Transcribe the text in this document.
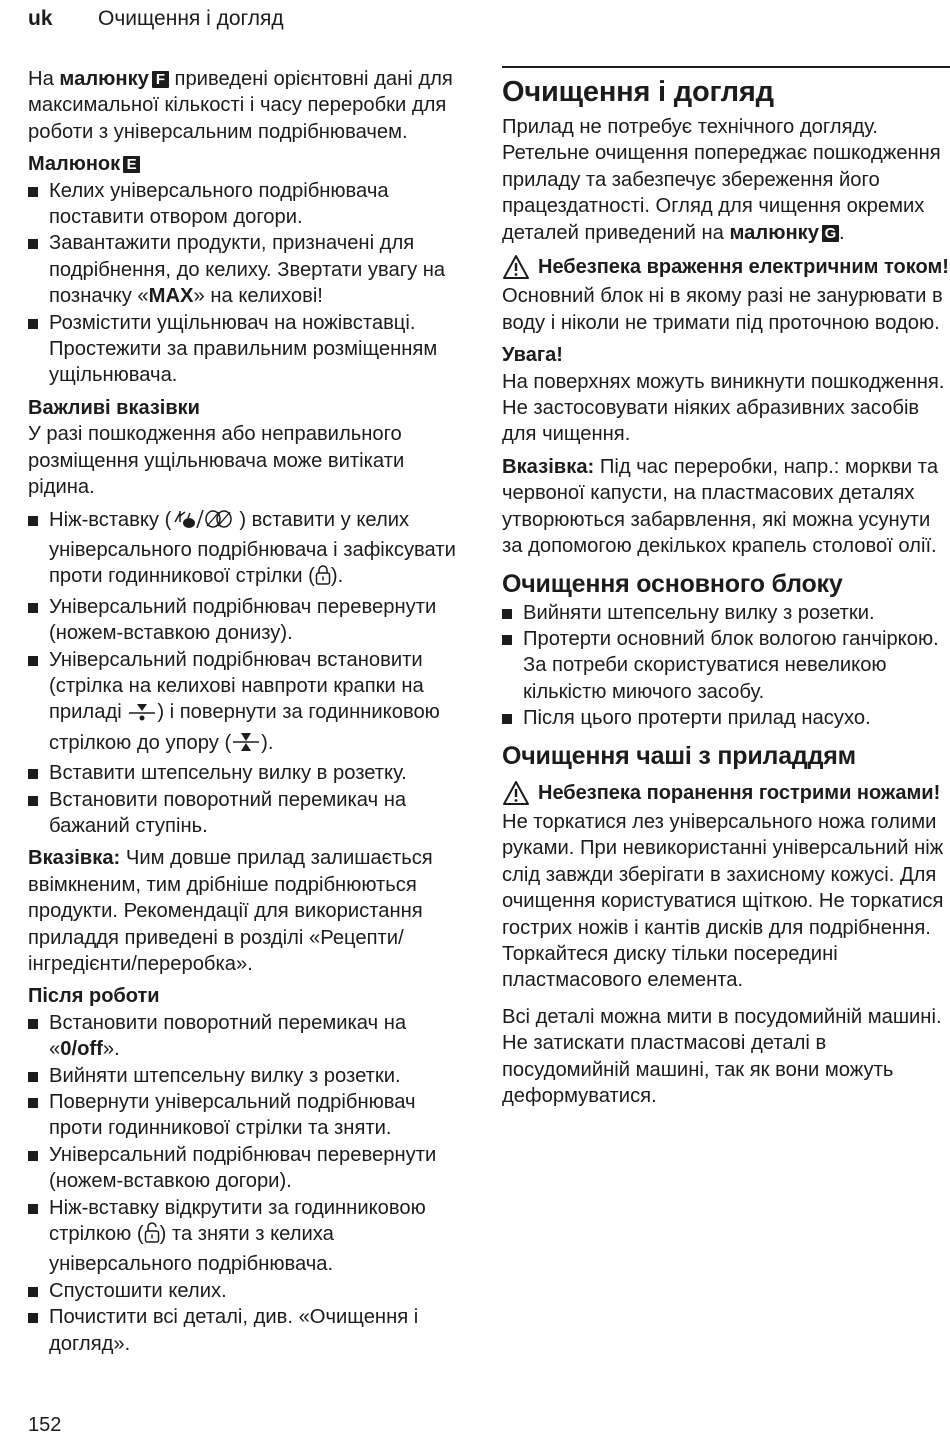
uk	Очищення і догляд

На малюнку F приведені орієнтовні дані для максимальної кількості і часу переробки для роботи з універсальним подрібнювачем.

Малюнок E
Келих універсального подрібнювача поставити отвором догори.
Завантажити продукти, призначені для подрібнення, до келиху. Звертати увагу на позначку «MAX» на келихові!
Розмістити ущільнювач на ножівставці. Простежити за правильним розміщенням ущільнювача.
Важливі вказівки

У разі пошкодження або неправильного розміщення ущільнювача може витікати рідина.

Ніж-вставку (	) вставити у келих універсального подрібнювача і зафіксувати проти годинникової стрілки ( ).
Універсальний подрібнювач перевернути (ножем-вставкою донизу).
Універсальний подрібнювач встановити (стрілка на келихові навпроти крапки на приладі ) і повернути за годинниковою стрілкою до упору ( ).
Вставити штепсельну вилку в розетку.
Встановити поворотний перемикач на бажаний ступінь.

Вказівка: Чим довше прилад залишається ввімкненим, тим дрібніше подрібнюються продукти. Рекомендації для використання приладдя приведені в розділі «Рецепти/інгредієнти/переробка».

Після роботи
Встановити поворотний перемикач на «0/off».
Вийняти штепсельну вилку з розетки.
Повернути універсальний подрібнювач проти годинникової стрілки та зняти.
Універсальний подрібнювач перевернути (ножем-вставкою догори).
Ніж-вставку відкрутити за годинниковою стрілкою ( ) та зняти з келиха універсального подрібнювача.
Спустошити келих.
Почистити всі деталі, див. «Очищення і догляд».
Очищення і догляд

Прилад не потребує технічного догляду. Ретельне очищення попереджає пошкодження приладу та забезпечує збереження його працездатності. Огляд для чищення окремих деталей приведений на малюнку G .

Небезпека враження електричним током!

Основний блок ні в якому разі не занурювати в воду і ніколи не тримати під проточною водою.

Увага!

На поверхнях можуть виникнути пошкодження. Не застосовувати ніяких абразивних засобів для чищення.

Вказівка: Під час переробки, напр.: моркви та червоної капусти, на пластмасових деталях утворюються забарвлення, які можна усунути за допомогою декількох крапель столової олії.

Очищення основного блоку
Вийняти штепсельну вилку з розетки.
Протерти основний блок вологою ганчіркою. За потреби скористуватися невеликою кількістю миючого засобу.
Після цього протерти прилад насухо.
Очищення чаші з приладдям
Небезпека поранення гострими ножами!

Не торкатися лез універсального ножа голими руками. При невикористанні універсальний ніж слід завжди зберігати в захисному кожусі. Для очищення користуватися щіткою. Не торкатися гострих ножів і кантів дисків для подрібнення. Торкайтеся диску тільки посередині пластмасового елемента.

Всі деталі можна мити в посудомийній машині. Не затискати пластмасові деталі в посудомийній машині, так як вони можуть деформуватися.

152
